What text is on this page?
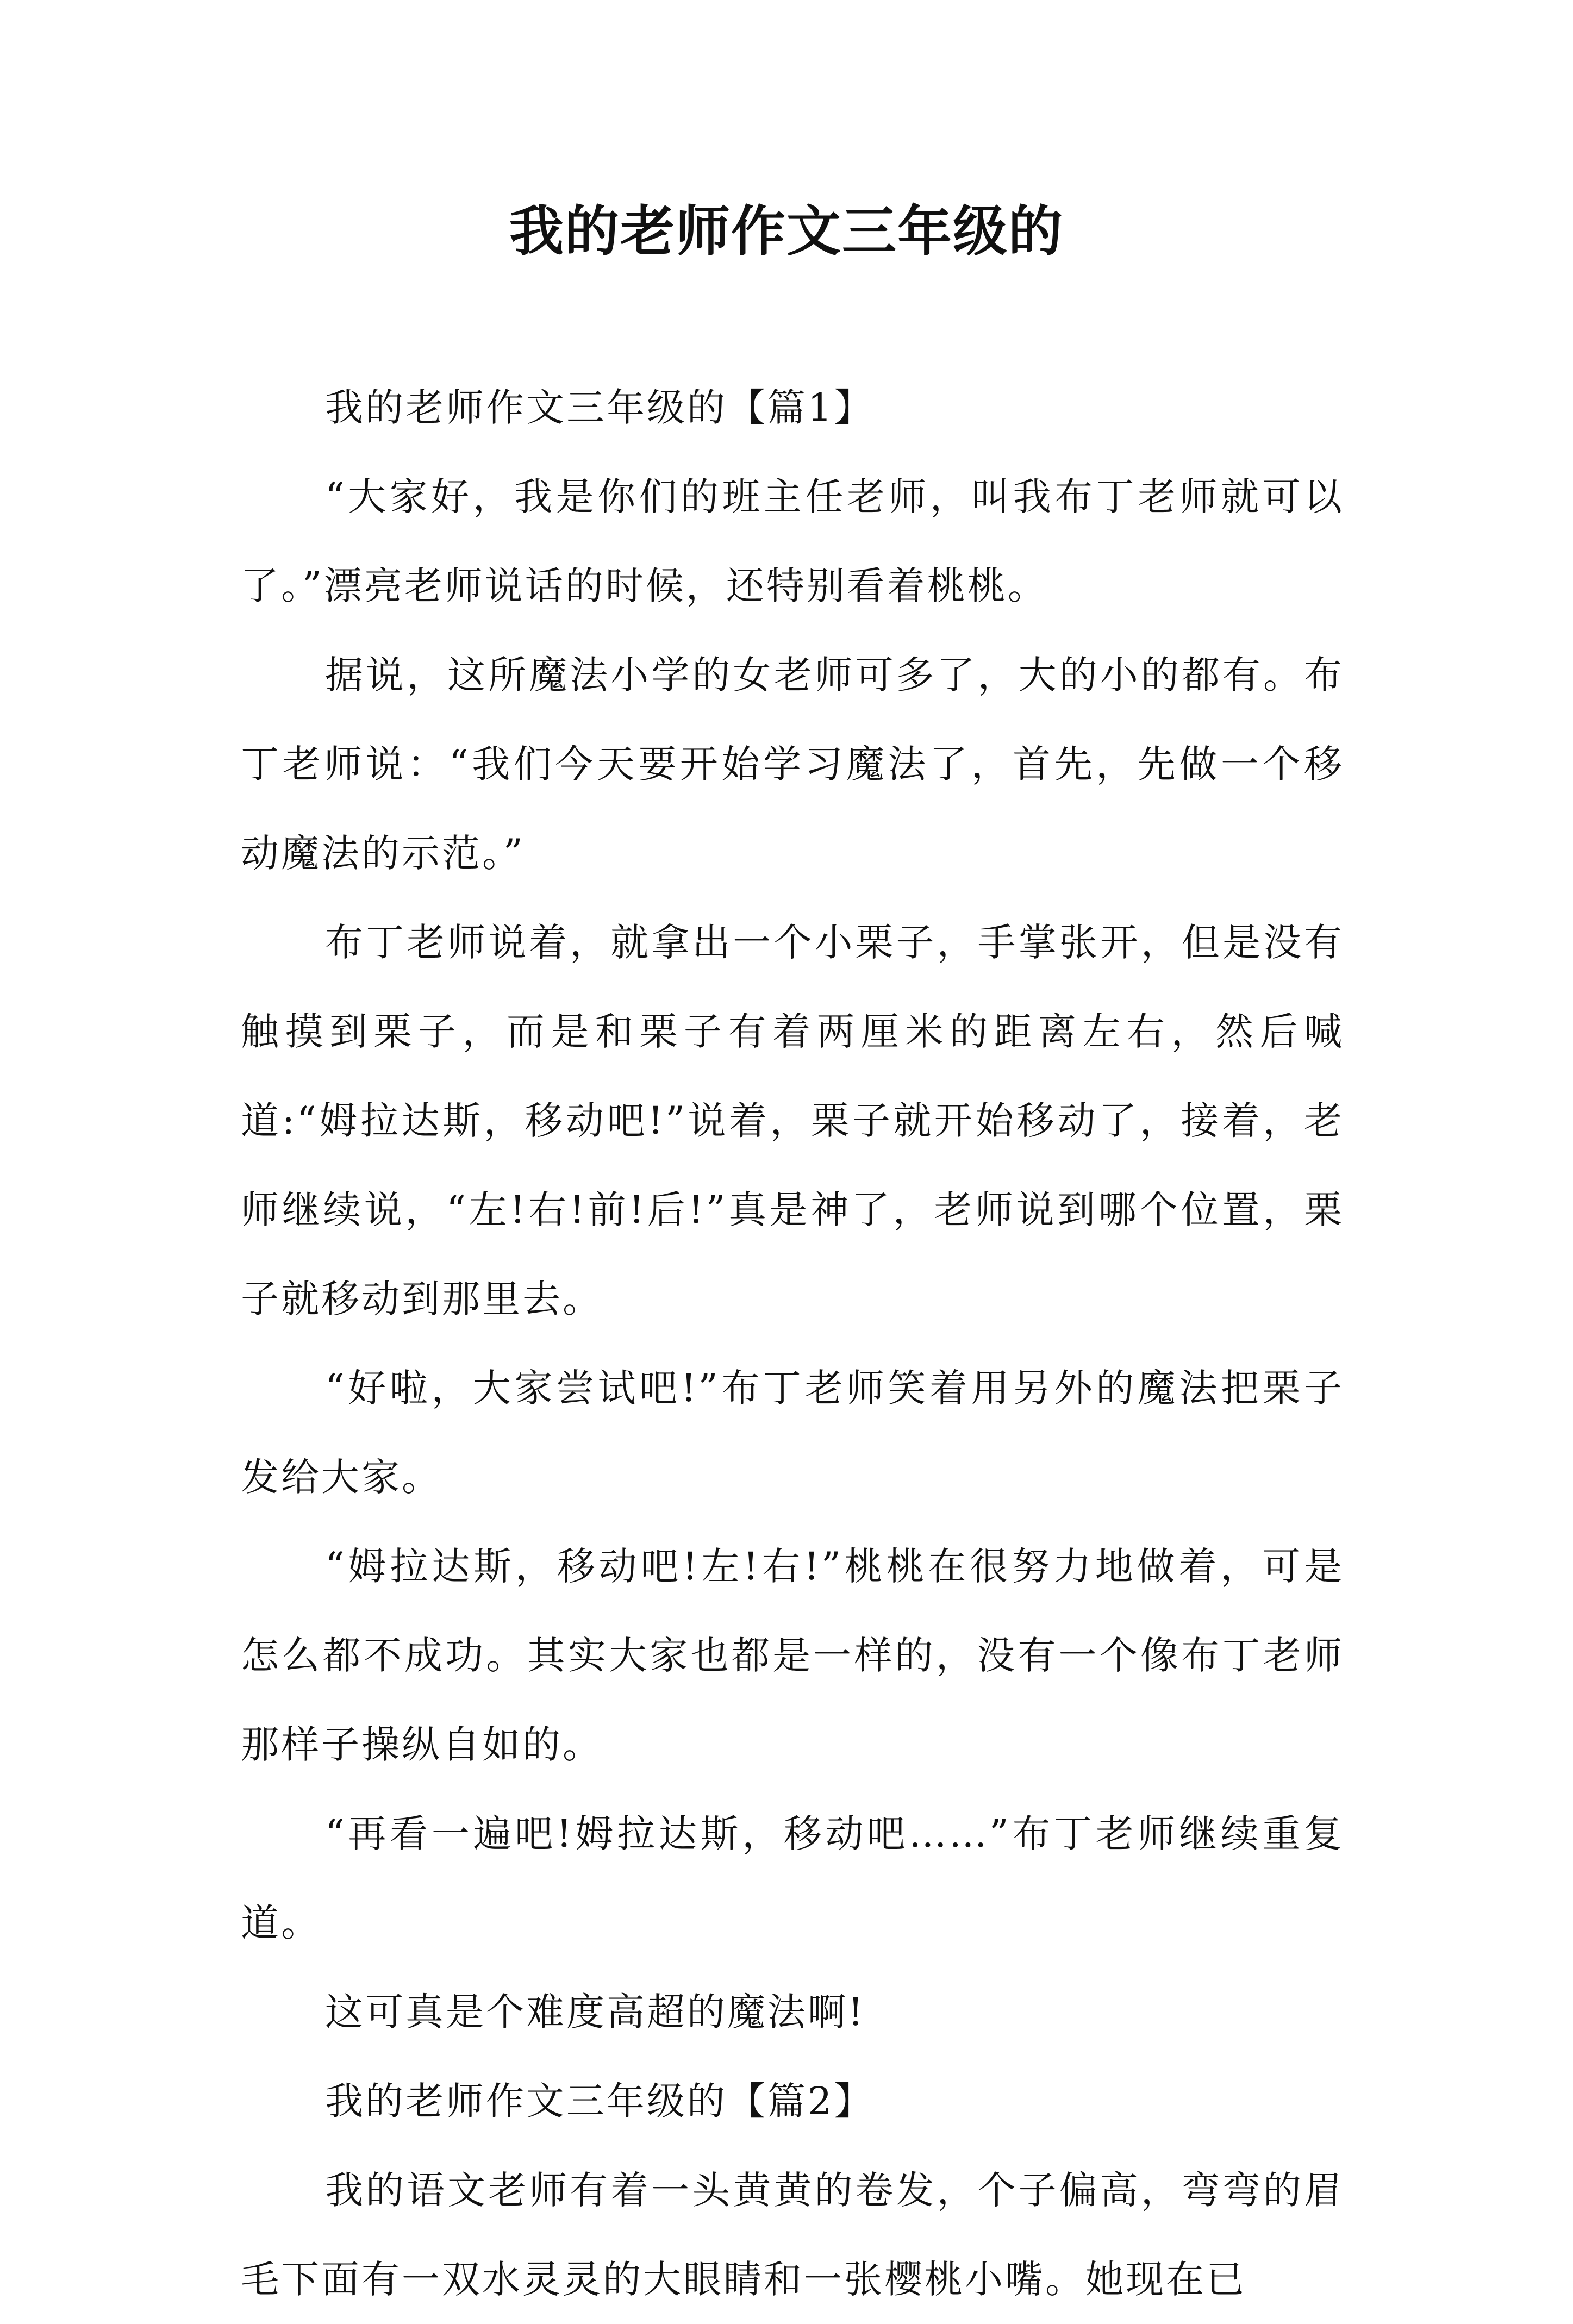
我的老师作文三年级的

我的老师作文三年级的【篇1】

“大家好，我是你们的班主任老师，叫我布丁老师就可以了。”漂亮老师说话的时候，还特别看着桃桃。

据说，这所魔法小学的女老师可多了，大的小的都有。布丁老师说：“我们今天要开始学习魔法了，首先，先做一个移动魔法的示范。”

布丁老师说着，就拿出一个小栗子，手掌张开，但是没有触摸到栗子，而是和栗子有着两厘米的距离左右，然后喊道:“姆拉达斯，移动吧!”说着，栗子就开始移动了，接着，老师继续说，“左!右!前!后!”真是神了，老师说到哪个位置，栗子就移动到那里去。

“好啦，大家尝试吧!”布丁老师笑着用另外的魔法把栗子发给大家。

“姆拉达斯，移动吧!左!右!”桃桃在很努力地做着，可是怎么都不成功。其实大家也都是一样的，没有一个像布丁老师那样子操纵自如的。

“再看一遍吧!姆拉达斯，移动吧……”布丁老师继续重复道。

这可真是个难度高超的魔法啊!

我的老师作文三年级的【篇2】

我的语文老师有着一头黄黄的卷发，个子偏高，弯弯的眉毛下面有一双水灵灵的大眼睛和一张樱桃小嘴。她现在已
